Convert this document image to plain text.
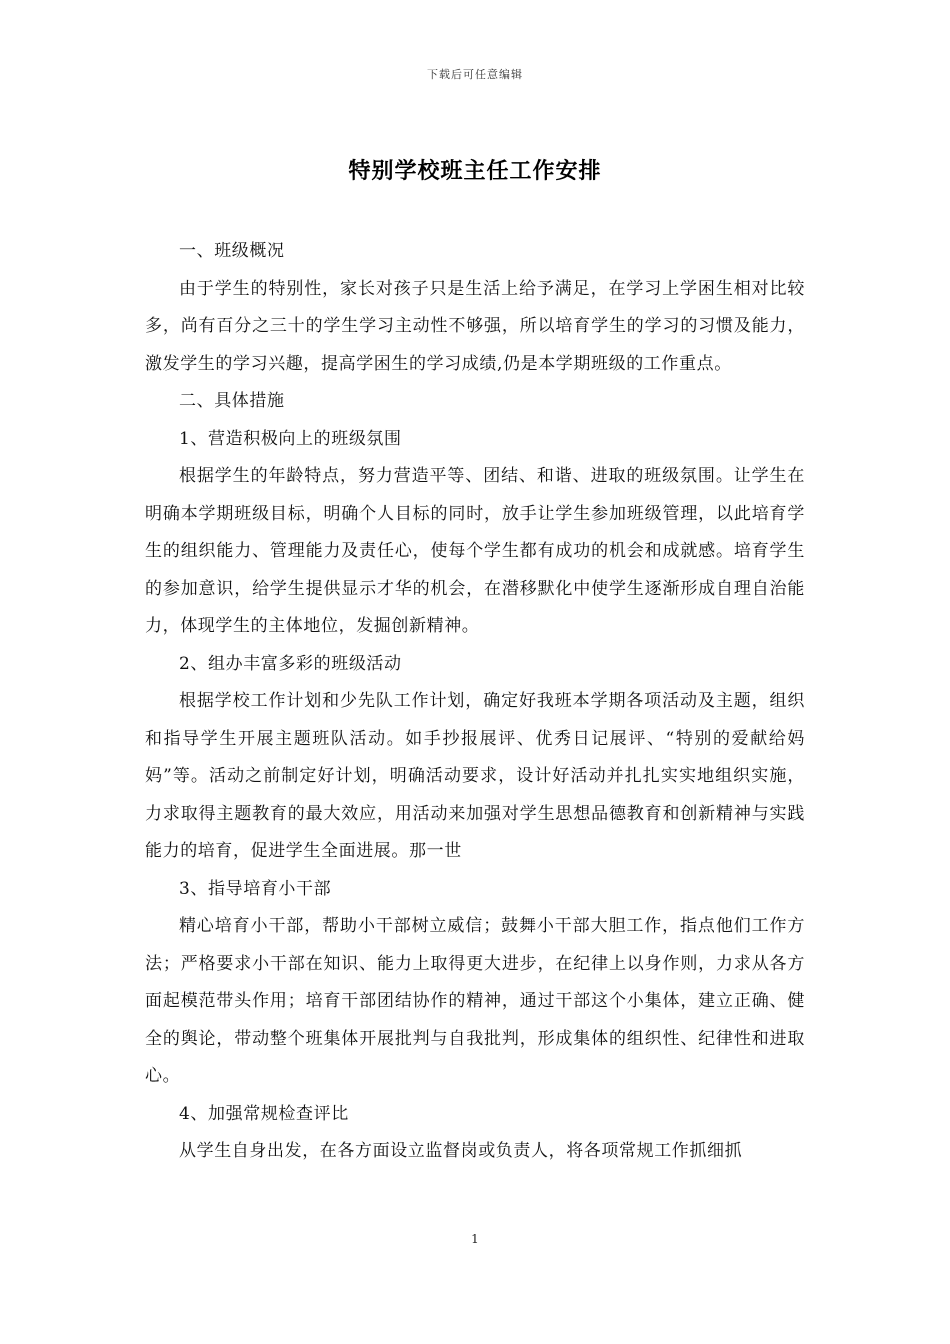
下载后可任意编辑
特别学校班主任工作安排

一、班级概况

由于学生的特别性，家长对孩子只是生活上给予满足，在学习上学困生相对比较多，尚有百分之三十的学生学习主动性不够强，所以培育学生的学习的习惯及能力，激发学生的学习兴趣，提高学困生的学习成绩,仍是本学期班级的工作重点。

二、具体措施

1、营造积极向上的班级氛围

根据学生的年龄特点，努力营造平等、团结、和谐、进取的班级氛围。让学生在明确本学期班级目标，明确个人目标的同时，放手让学生参加班级管理，以此培育学生的组织能力、管理能力及责任心，使每个学生都有成功的机会和成就感。培育学生的参加意识，给学生提供显示才华的机会，在潜移默化中使学生逐渐形成自理自治能力，体现学生的主体地位，发掘创新精神。

2、组办丰富多彩的班级活动

根据学校工作计划和少先队工作计划，确定好我班本学期各项活动及主题，组织和指导学生开展主题班队活动。如手抄报展评、优秀日记展评、“特别的爱献给妈妈”等。活动之前制定好计划，明确活动要求，设计好活动并扎扎实实地组织实施，力求取得主题教育的最大效应，用活动来加强对学生思想品德教育和创新精神与实践能力的培育，促进学生全面进展。那一世

3、指导培育小干部

精心培育小干部，帮助小干部树立威信；鼓舞小干部大胆工作，指点他们工作方法；严格要求小干部在知识、能力上取得更大进步，在纪律上以身作则，力求从各方面起模范带头作用；培育干部团结协作的精神，通过干部这个小集体，建立正确、健全的舆论，带动整个班集体开展批判与自我批判，形成集体的组织性、纪律性和进取心。

4、加强常规检查评比

从学生自身出发，在各方面设立监督岗或负责人，将各项常规工作抓细抓

1
